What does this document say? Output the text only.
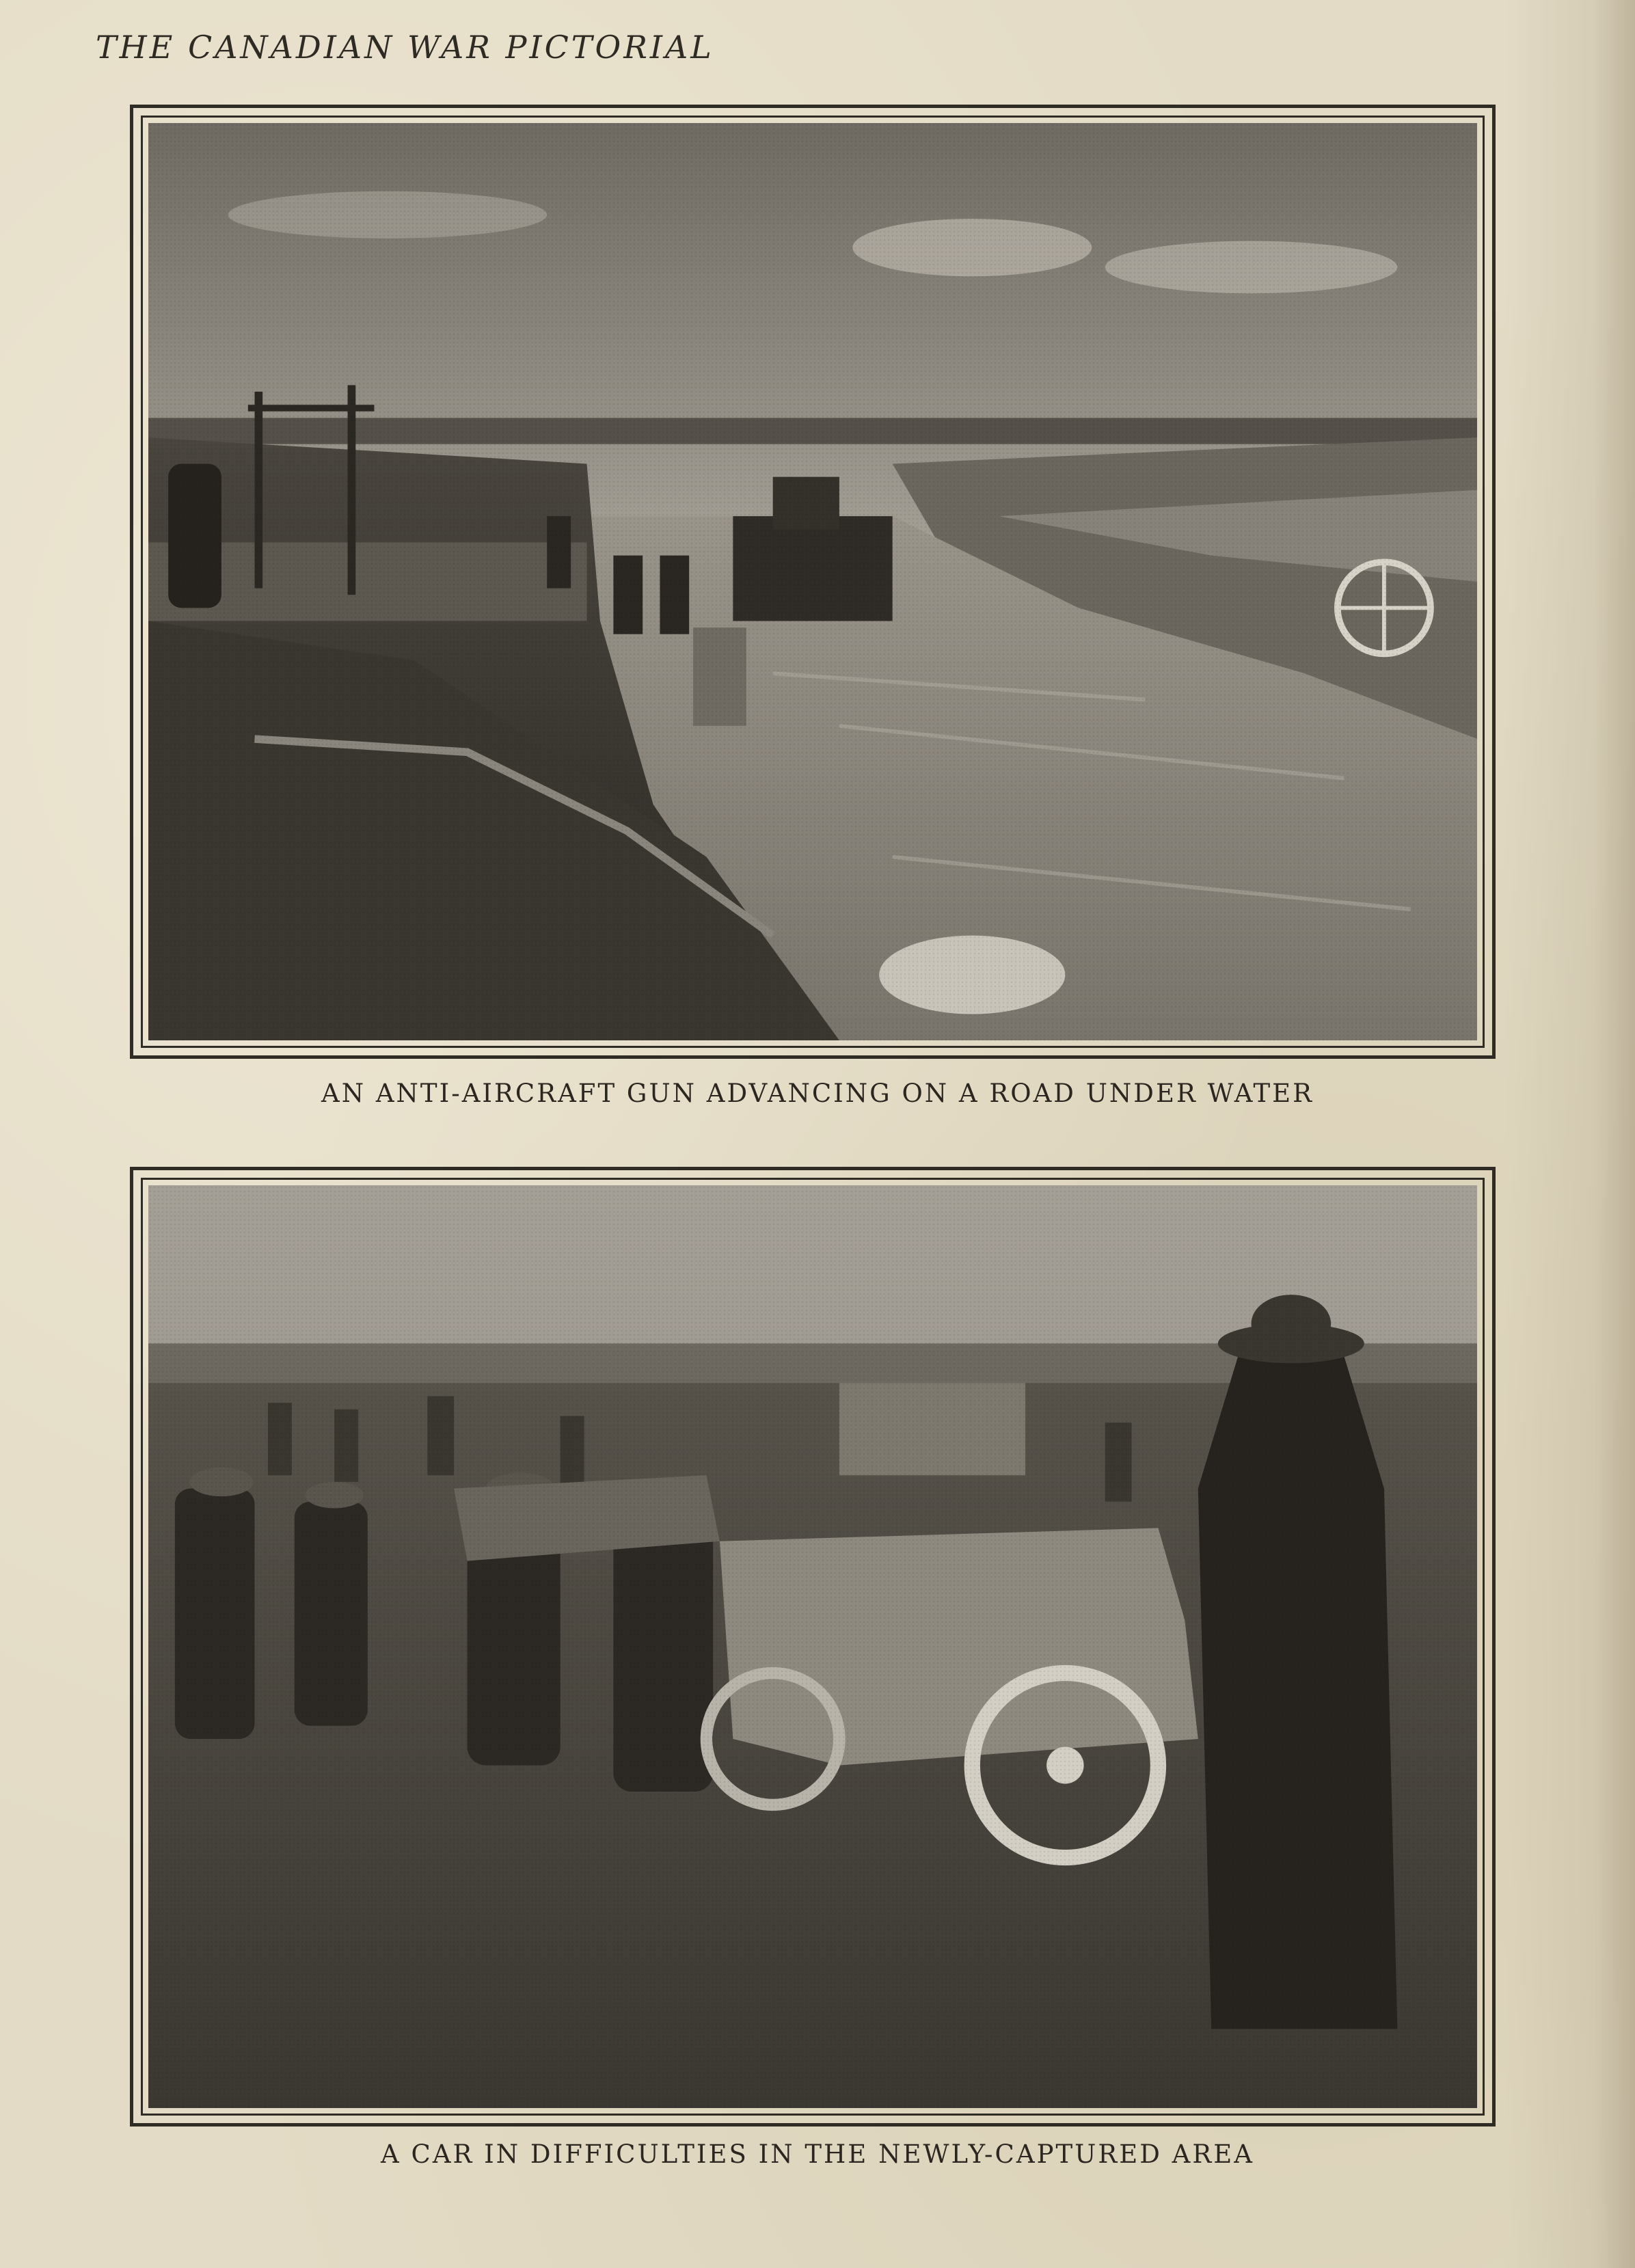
THE CANADIAN WAR PICTORIAL
AN ANTI-AIRCRAFT GUN ADVANCING ON A ROAD UNDER WATER
A CAR IN DIFFICULTIES IN THE NEWLY-CAPTURED AREA
